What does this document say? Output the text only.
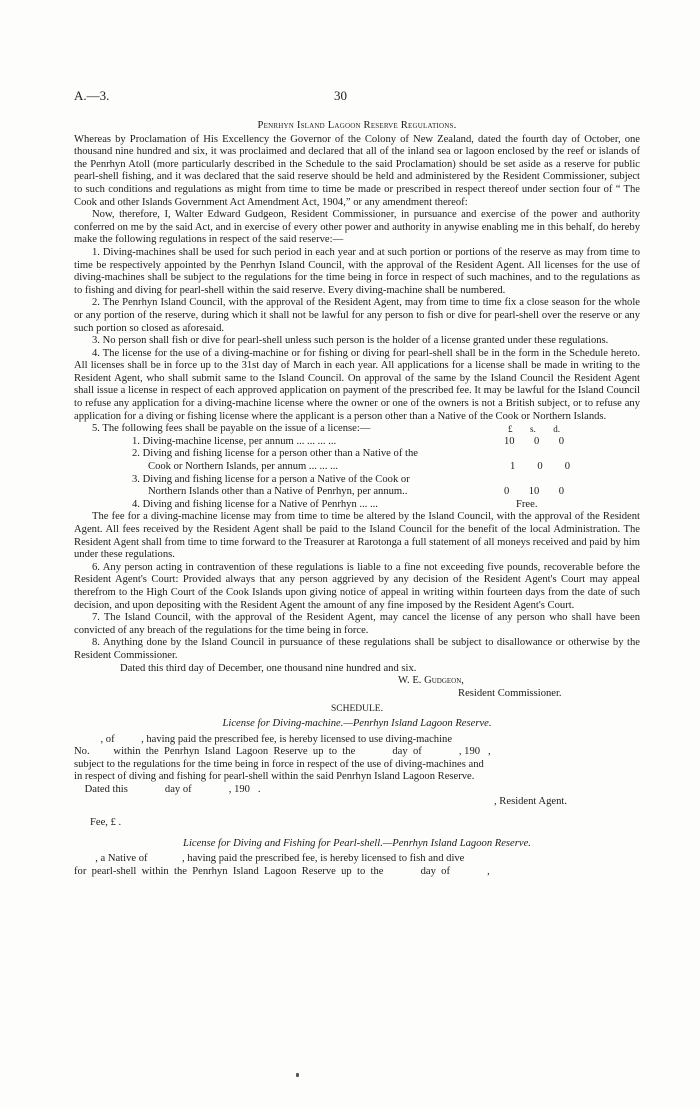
A.—3.	30
Penrhyn Island Lagoon Reserve Regulations.

Whereas by Proclamation of His Excellency the Governor of the Colony of New Zealand, dated the fourth day of October, one thousand nine hundred and six, it was proclaimed and declared that all of the inland sea or lagoon enclosed by the reef or islands of the Penrhyn Atoll (more particularly described in the Schedule to the said Proclamation) should be set aside as a reserve for public pearl-shell fishing, and it was declared that the said reserve should be held and administered by the Resident Commissioner, subject to such conditions and regulations as might from time to time be made or prescribed in respect thereof under section four of “ The Cook and other Islands Government Act Amendment Act, 1904,” or any amendment thereof:

Now, therefore, I, Walter Edward Gudgeon, Resident Commissioner, in pursuance and exercise of the power and authority conferred on me by the said Act, and in exercise of every other power and authority in anywise enabling me in this behalf, do hereby make the following regulations in respect of the said reserve:—

1. Diving-machines shall be used for such period in each year and at such portion or portions of the reserve as may from time to time be respectively appointed by the Penrhyn Island Council, with the approval of the Resident Agent. All licenses for the use of diving-machines shall be subject to the regulations for the time being in force in respect of such machines, and to the regulations as to fishing and diving for pearl-shell within the said reserve. Every diving-machine shall be numbered.

2. The Penrhyn Island Council, with the approval of the Resident Agent, may from time to time fix a close season for the whole or any portion of the reserve, during which it shall not be lawful for any person to fish or dive for pearl-shell over the reserve or any such portion so closed as aforesaid.

3. No person shall fish or dive for pearl-shell unless such person is the holder of a license granted under these regulations.

4. The license for the use of a diving-machine or for fishing or diving for pearl-shell shall be in the form in the Schedule hereto. All licenses shall be in force up to the 31st day of March in each year. All applications for a license shall be made in writing to the Resident Agent, who shall submit same to the Island Council. On approval of the same by the Island Council the Resident Agent shall issue a license in respect of each approved application on payment of the prescribed fee. It may be lawful for the Island Council to refuse any application for a diving-machine license where the owner or one of the owners is not a British subject, or to refuse any application for a diving or fishing license where the applicant is a person other than a Native of the Cook or Northern Islands.

5. The following fees shall be payable on the issue of a license:—	£ s. d.
1. Diving-machine license, per annum ... ... ... ...	10 0 0
2. Diving and fishing license for a person other than a Native of the
Cook or Northern Islands, per annum ... ... ...	1 0 0
3. Diving and fishing license for a person a Native of the Cook or
Northern Islands other than a Native of Penrhyn, per annum..	0 10 0
4. Diving and fishing license for a Native of Penrhyn ... ...	Free.

The fee for a diving-machine license may from time to time be altered by the Island Council, with the approval of the Resident Agent. All fees received by the Resident Agent shall be paid to the Island Council for the benefit of the local Administration. The Resident Agent shall from time to time forward to the Treasurer at Rarotonga a full statement of all moneys received and paid by him under these regulations.

6. Any person acting in contravention of these regulations is liable to a fine not exceeding five pounds, recoverable before the Resident Agent's Court: Provided always that any person aggrieved by any decision of the Resident Agent's Court may appeal therefrom to the High Court of the Cook Islands upon giving notice of appeal in writing within fourteen days from the date of such decision, and upon depositing with the Resident Agent the amount of any fine imposed by the Resident Agent's Court.

7. The Island Council, with the approval of the Resident Agent, may cancel the license of any person who shall have been convicted of any breach of the regulations for the time being in force.

8. Anything done by the Island Council in pursuance of these regulations shall be subject to disallowance or otherwise by the Resident Commissioner.

Dated this third day of December, one thousand nine hundred and six.

W. E. Gudgeon,
Resident Commissioner.
SCHEDULE.
License for Diving-machine.—Penrhyn Island Lagoon Reserve.
, of          , having paid the prescribed fee, is hereby licensed to use diving-machine
No.         within  the  Penrhyn  Island  Lagoon  Reserve  up  to  the              day  of              , 190   ,
subject to the regulations for the time being in force in respect of the use of diving-machines and
in respect of diving and fishing for pearl-shell within the said Penrhyn Island Lagoon Reserve.
Dated this              day of              , 190   .
, Resident Agent.
Fee, £ .
License for Diving and Fishing for Pearl-shell.—Penrhyn Island Lagoon Reserve.
, a Native of             , having paid the prescribed fee, is hereby licensed to fish and dive
for  pearl-shell  within  the  Penrhyn  Island  Lagoon  Reserve  up  to  the              day  of              ,
